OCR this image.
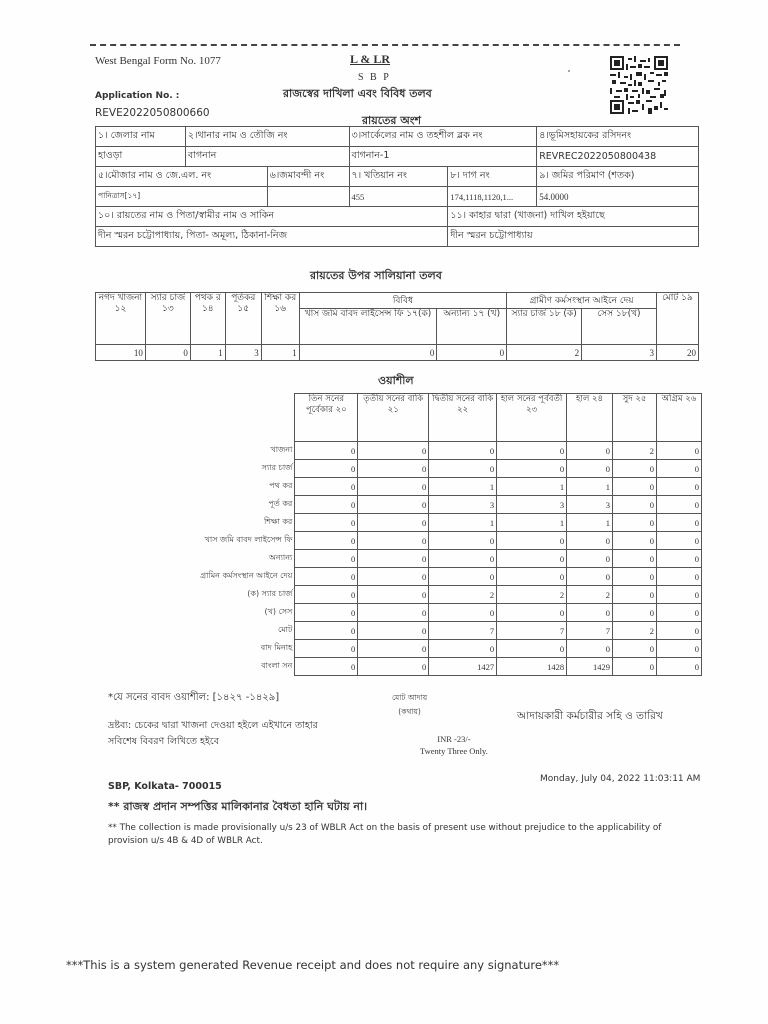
West Bengal Form No. 1077	L & LR
S B P
Application No. :
REVE2022050800660
রাজস্বের দাখিলা এবং বিবিধ তলব
রায়তের অংশ
১। জেলার নাম	২।থানার নাম ও তৌজি নং		৩।সার্কেলের নাম ও তহশীল ব্লক নং		৪।ভূমিসহায়কের রসিদনং
হাওড়া	বাগনান		বাগনান-1		REVREC2022050800438
৫।মৌজার নাম ও জে.এল. নং		৬।জমাবন্দী নং	৭। খতিয়ান নং	৮। দাগ নং	৯। জমির পরিমাণ (শতক)
পানিত্রাস[১৭]			455	174,1118,1120,1...	54.0000
১০। রায়তের নাম ও পিতা/স্বামীর নাম ও সাকিন				১১। কাহার দ্বারা (খাজনা) দাখিল হইয়াছে	
দীন স্মরন চট্টোপাধ্যায়, পিতা- অমূল্য, ঠিকানা-নিজ				দীন স্মরন চট্টোপাধ্যায়	
রায়তের উপর সালিয়ানা তলব
নগদ খাজনা ১২	স্যার চার্জ ১৩	পথক র ১৪	পূর্তকর ১৫	শিক্ষা কর ১৬	বিবিধ		গ্রামীণ কর্মসংস্থান আইনে দেয়		মোট ১৯
					খাস জমি বাবদ লাইসেন্স ফি ১৭(ক)	অন্যান্য ১৭ (খ)	স্যার চার্জ ১৮ (ক)	সেস ১৮(খ)	
10	0	1	3	1	0	0	2	3	20
ওয়াশীল
	তিন সনের পূর্বেকার ২০	তৃতীয় সনের বাকি ২১	দ্বিতীয় সনের বাকি ২২	হাল সনের পূর্ববর্তী ২৩	হাল ২৪	সুদ ২৫	অগ্রিম ২৬
খাজনা	0	0	0	0	0	2	0
স্যার চার্জ	0	0	0	0	0	0	0
পথ কর	0	0	1	1	1	0	0
পূর্ত কর	0	0	3	3	3	0	0
শিক্ষা কর	0	0	1	1	1	0	0
খাস জমি বাবদ লাইসেন্স ফি	0	0	0	0	0	0	0
অন্যান্য	0	0	0	0	0	0	0
গ্রামিন কর্মসংস্থান আইনে দেয়	0	0	0	0	0	0	0
(ক) স্যার চার্জ	0	0	2	2	2	0	0
(খ) সেস	0	0	0	0	0	0	0
মোট	0	0	7	7	7	2	0
বাদ মিনাহ	0	0	0	0	0	0	0
বাংলা সন	0	0	1427	1428	1429	0	0
*যে সনের বাবদ ওয়াশীল: [১৪২৭ -১৪২৯]
দ্রষ্টব্য: চেকের দ্বারা খাজনা দেওয়া হইলে এইখানে তাহার সবিশেষ বিবরণ লিখিতে হইবে
মোট আদায়
(কথায়)
INR -23/-
Twenty Three Only.
আদায়কারী কর্মচারীর সহি ও তারিখ
SBP, Kolkata- 700015
Monday, July 04, 2022 11:03:11 AM
** রাজস্ব প্রদান সম্পত্তির মালিকানার বৈধতা হানি ঘটায় না।
** The collection is made provisionally u/s 23 of WBLR Act on the basis of present use without prejudice to the applicability of provision u/s 4B & 4D of WBLR Act.
***This is a system generated Revenue receipt and does not require any signature***
